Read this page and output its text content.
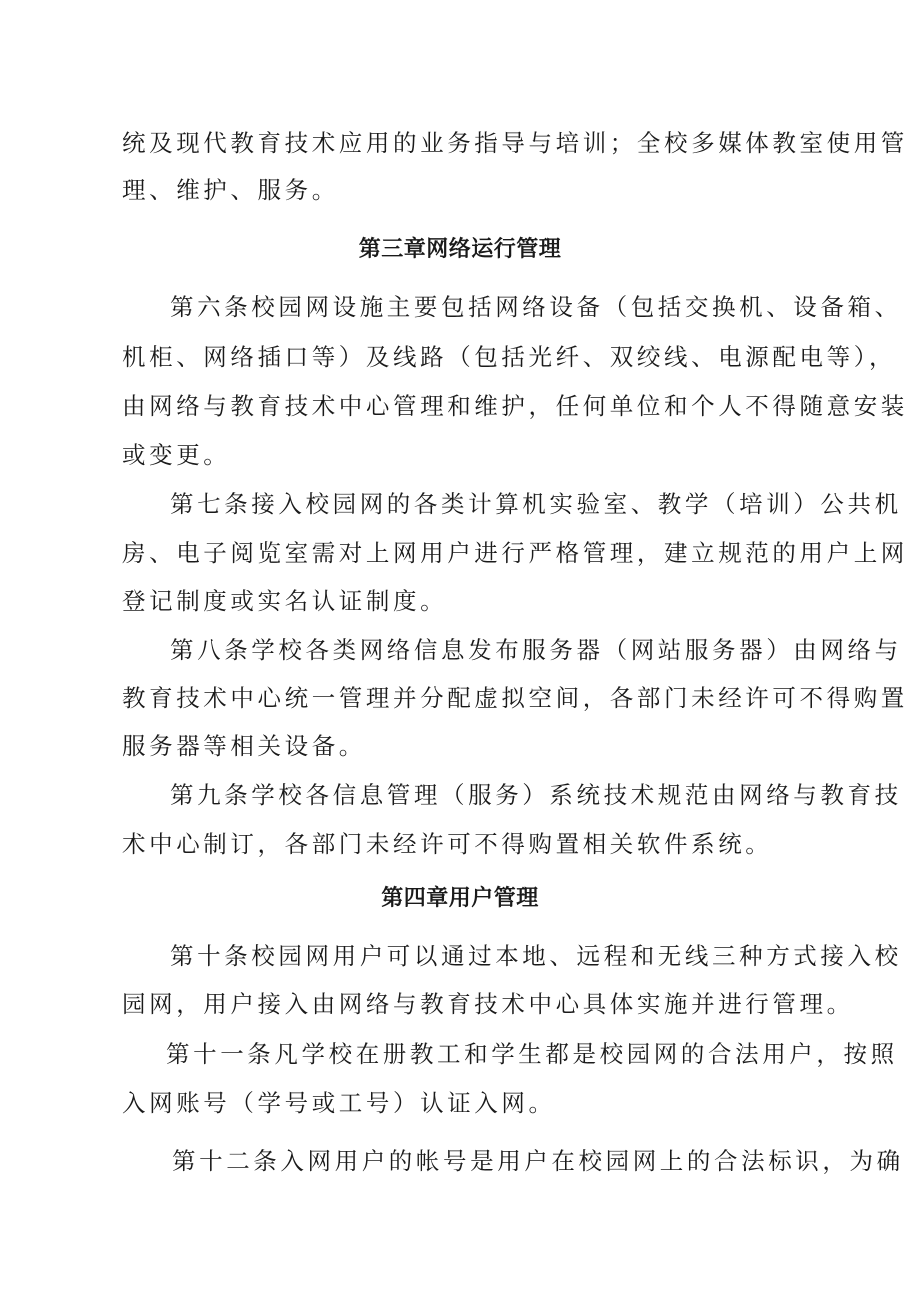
统及现代教育技术应用的业务指导与培训；全校多媒体教室使用管
理、维护、服务。
第三章网络运行管理
第六条校园网设施主要包括网络设备（包括交换机、设备箱、
机柜、网络插口等）及线路（包括光纤、双绞线、电源配电等），
由网络与教育技术中心管理和维护，任何单位和个人不得随意安装
或变更。
第七条接入校园网的各类计算机实验室、教学（培训）公共机
房、电子阅览室需对上网用户进行严格管理，建立规范的用户上网
登记制度或实名认证制度。
第八条学校各类网络信息发布服务器（网站服务器）由网络与
教育技术中心统一管理并分配虚拟空间，各部门未经许可不得购置
服务器等相关设备。
第九条学校各信息管理（服务）系统技术规范由网络与教育技
术中心制订，各部门未经许可不得购置相关软件系统。
第四章用户管理
第十条校园网用户可以通过本地、远程和无线三种方式接入校
园网，用户接入由网络与教育技术中心具体实施并进行管理。
第十一条凡学校在册教工和学生都是校园网的合法用户，按照
入网账号（学号或工号）认证入网。
第十二条入网用户的帐号是用户在校园网上的合法标识，为确
